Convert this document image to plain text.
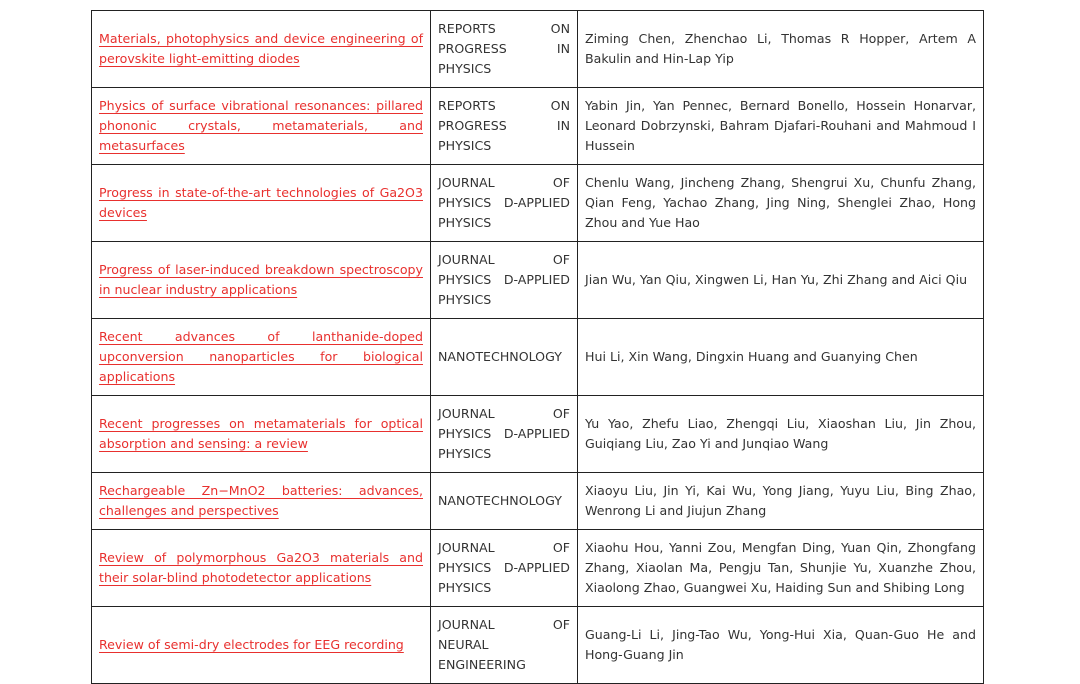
Materials, photophysics and device engineering of perovskite light-emitting diodes	REPORTS ON PROGRESS IN PHYSICS	Ziming Chen, Zhenchao Li, Thomas R Hopper, Artem A Bakulin and Hin-Lap Yip
Physics of surface vibrational resonances: pillared phononic crystals, metamaterials, and metasurfaces	REPORTS ON PROGRESS IN PHYSICS	Yabin Jin, Yan Pennec, Bernard Bonello, Hossein Honarvar, Leonard Dobrzynski, Bahram Djafari-Rouhani and Mahmoud I Hussein
Progress in state-of-the-art technologies of Ga2O3 devices	JOURNAL OF PHYSICS D-APPLIED PHYSICS	Chenlu Wang, Jincheng Zhang, Shengrui Xu, Chunfu Zhang, Qian Feng, Yachao Zhang, Jing Ning, Shenglei Zhao, Hong Zhou and Yue Hao
Progress of laser-induced breakdown spectroscopy in nuclear industry applications	JOURNAL OF PHYSICS D-APPLIED PHYSICS	Jian Wu, Yan Qiu, Xingwen Li, Han Yu, Zhi Zhang and Aici Qiu
Recent advances of lanthanide-doped upconversion nanoparticles for biological applications	NANOTECHNOLOGY	Hui Li, Xin Wang, Dingxin Huang and Guanying Chen
Recent progresses on metamaterials for optical absorption and sensing: a review	JOURNAL OF PHYSICS D-APPLIED PHYSICS	Yu Yao, Zhefu Liao, Zhengqi Liu, Xiaoshan Liu, Jin Zhou, Guiqiang Liu, Zao Yi and Junqiao Wang
Rechargeable Zn−MnO2 batteries: advances, challenges and perspectives	NANOTECHNOLOGY	Xiaoyu Liu, Jin Yi, Kai Wu, Yong Jiang, Yuyu Liu, Bing Zhao, Wenrong Li and Jiujun Zhang
Review of polymorphous Ga2O3 materials and their solar-blind photodetector applications	JOURNAL OF PHYSICS D-APPLIED PHYSICS	Xiaohu Hou, Yanni Zou, Mengfan Ding, Yuan Qin, Zhongfang Zhang, Xiaolan Ma, Pengju Tan, Shunjie Yu, Xuanzhe Zhou, Xiaolong Zhao, Guangwei Xu, Haiding Sun and Shibing Long
Review of semi-dry electrodes for EEG recording	JOURNAL OF NEURAL ENGINEERING	Guang-Li Li, Jing-Tao Wu, Yong-Hui Xia, Quan-Guo He and Hong-Guang Jin
